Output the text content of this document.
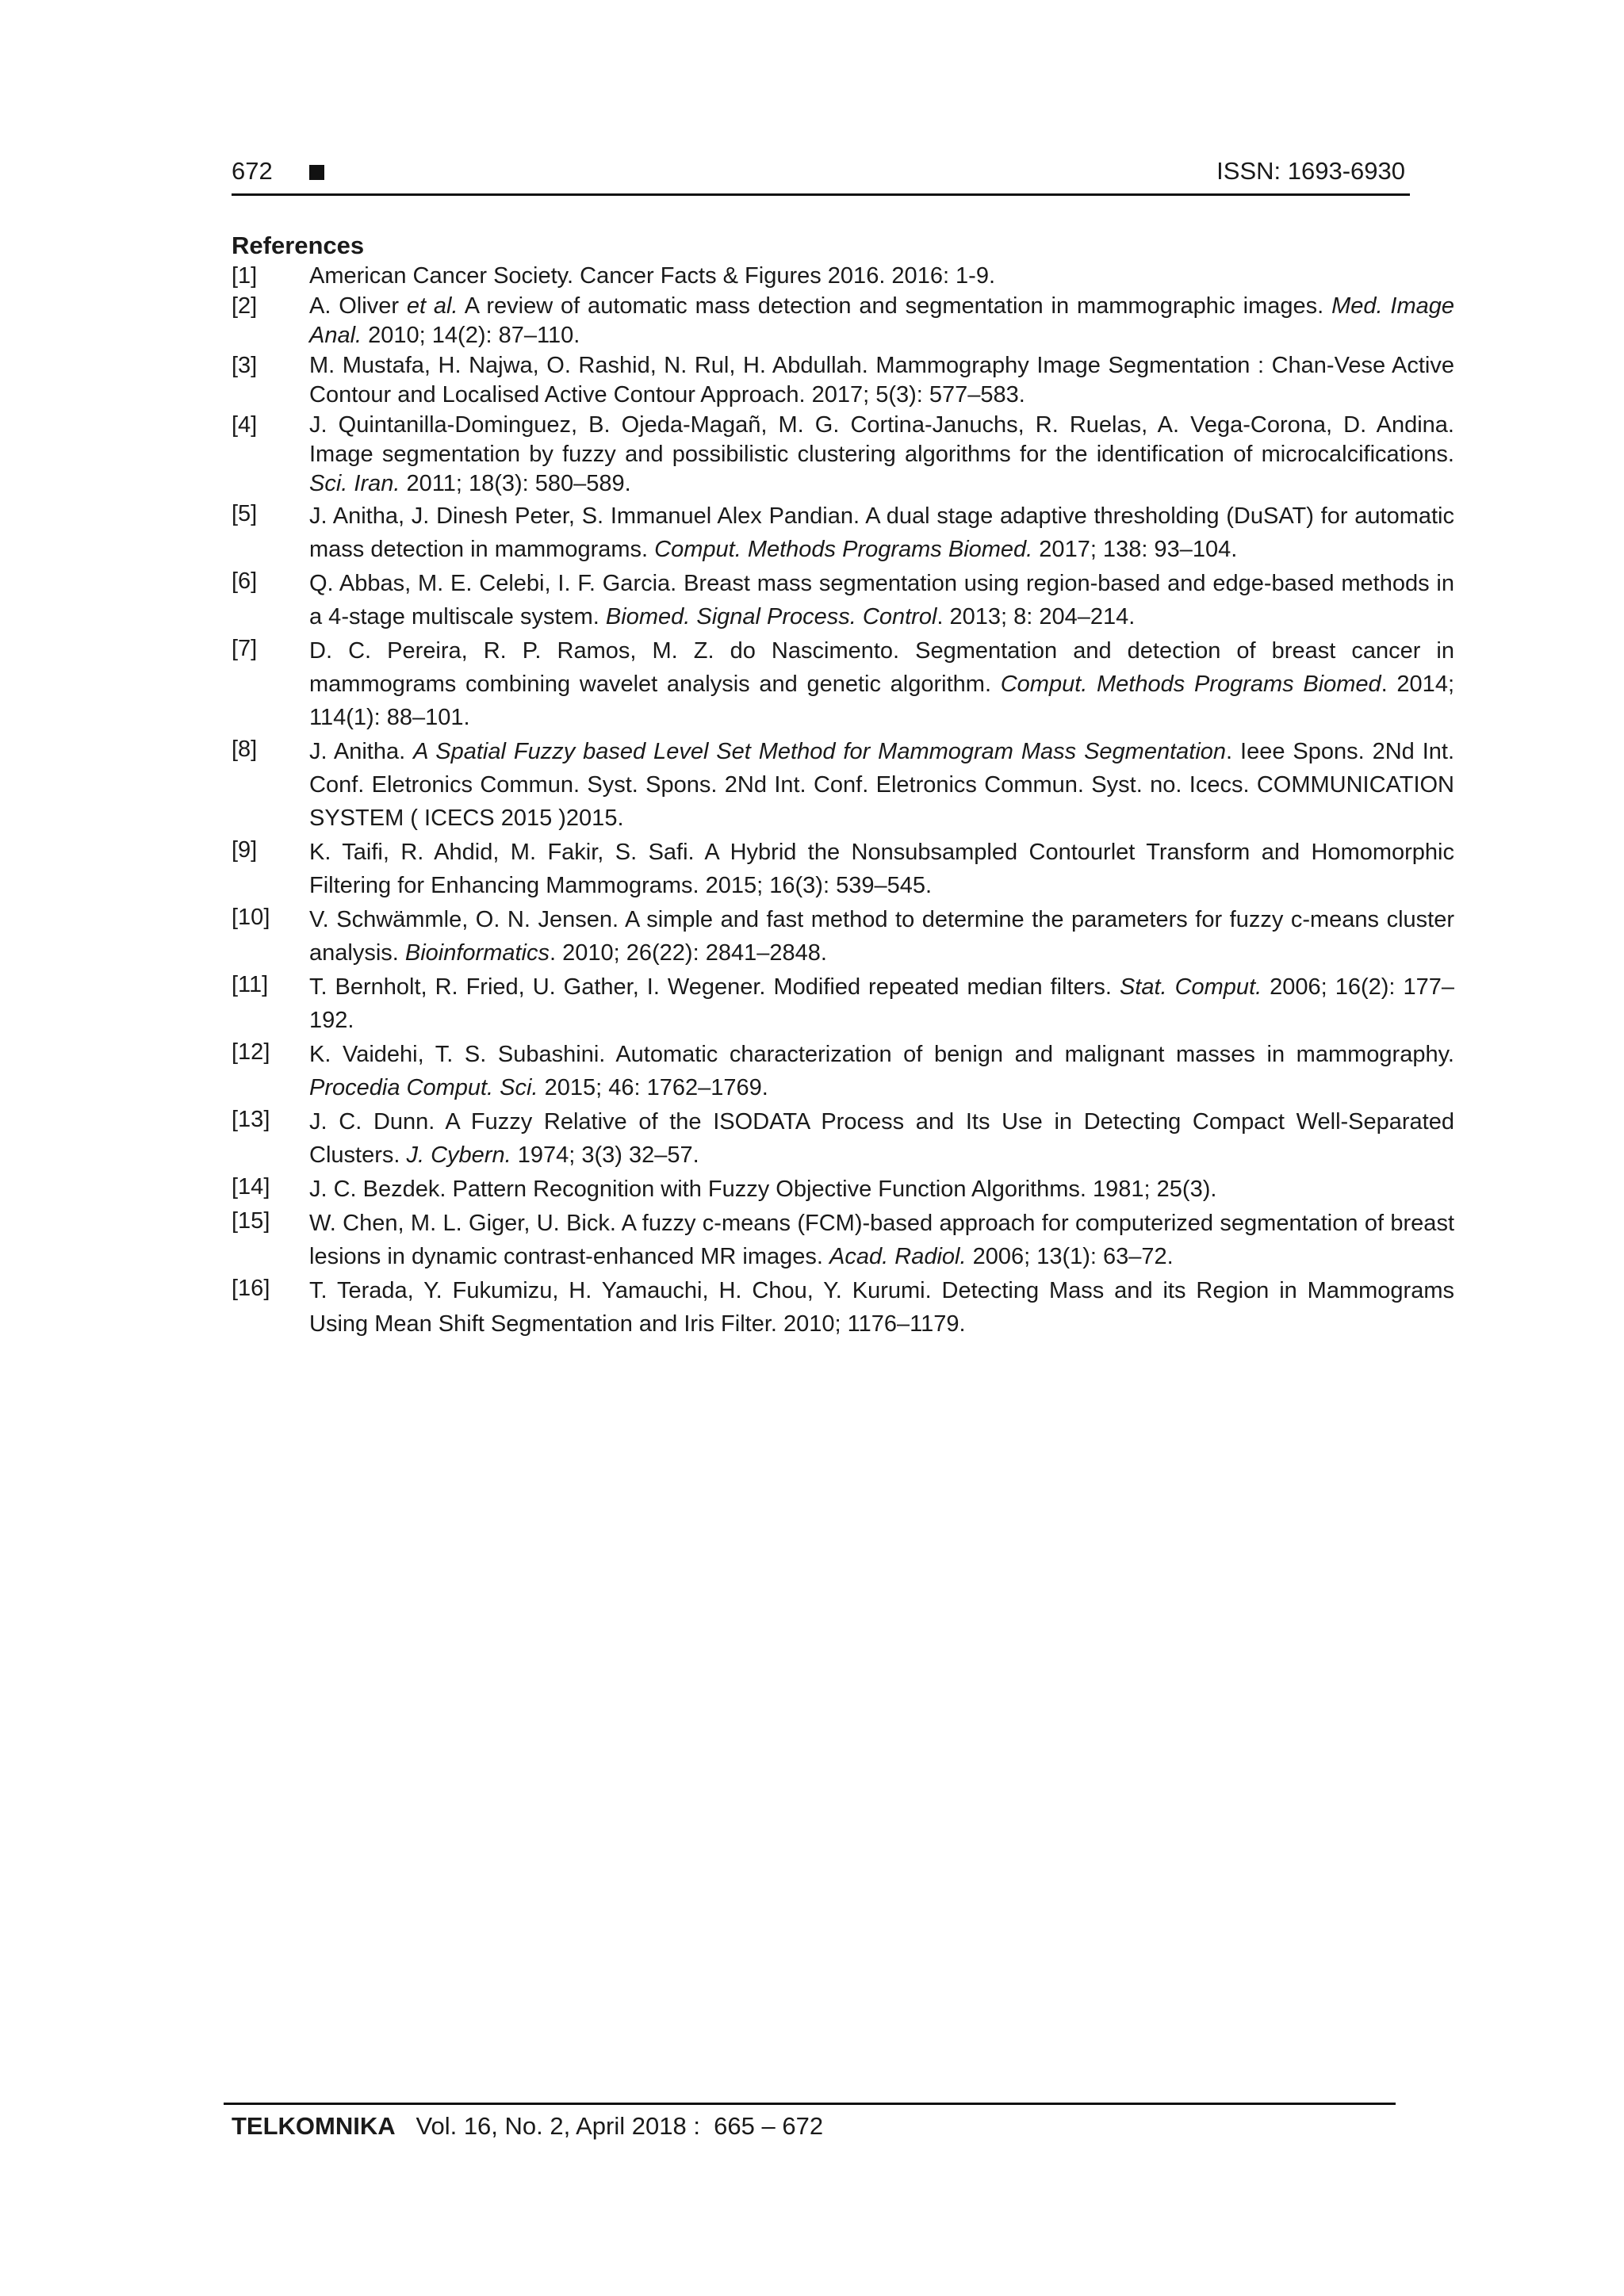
672	ISSN: 1693-6930
References
[1] American Cancer Society. Cancer Facts & Figures 2016. 2016: 1-9.
[2] A. Oliver et al. A review of automatic mass detection and segmentation in mammographic images. Med. Image Anal. 2010; 14(2): 87–110.
[3] M. Mustafa, H. Najwa, O. Rashid, N. Rul, H. Abdullah. Mammography Image Segmentation : Chan-Vese Active Contour and Localised Active Contour Approach. 2017; 5(3): 577–583.
[4] J. Quintanilla-Dominguez, B. Ojeda-Magañ, M. G. Cortina-Januchs, R. Ruelas, A. Vega-Corona, D. Andina. Image segmentation by fuzzy and possibilistic clustering algorithms for the identification of microcalcifications. Sci. Iran. 2011; 18(3): 580–589.
[5] J. Anitha, J. Dinesh Peter, S. Immanuel Alex Pandian. A dual stage adaptive thresholding (DuSAT) for automatic mass detection in mammograms. Comput. Methods Programs Biomed. 2017; 138: 93–104.
[6] Q. Abbas, M. E. Celebi, I. F. Garcia. Breast mass segmentation using region-based and edge-based methods in a 4-stage multiscale system. Biomed. Signal Process. Control. 2013; 8: 204–214.
[7] D. C. Pereira, R. P. Ramos, M. Z. do Nascimento. Segmentation and detection of breast cancer in mammograms combining wavelet analysis and genetic algorithm. Comput. Methods Programs Biomed. 2014; 114(1): 88–101.
[8] J. Anitha. A Spatial Fuzzy based Level Set Method for Mammogram Mass Segmentation. Ieee Spons. 2Nd Int. Conf. Eletronics Commun. Syst. Spons. 2Nd Int. Conf. Eletronics Commun. Syst. no. Icecs. COMMUNICATION SYSTEM ( ICECS 2015 )2015.
[9] K. Taifi, R. Ahdid, M. Fakir, S. Safi. A Hybrid the Nonsubsampled Contourlet Transform and Homomorphic Filtering for Enhancing Mammograms. 2015; 16(3): 539–545.
[10] V. Schwämmle, O. N. Jensen. A simple and fast method to determine the parameters for fuzzy c-means cluster analysis. Bioinformatics. 2010; 26(22): 2841–2848.
[11] T. Bernholt, R. Fried, U. Gather, I. Wegener. Modified repeated median filters. Stat. Comput. 2006; 16(2): 177–192.
[12] K. Vaidehi, T. S. Subashini. Automatic characterization of benign and malignant masses in mammography. Procedia Comput. Sci. 2015; 46: 1762–1769.
[13] J. C. Dunn. A Fuzzy Relative of the ISODATA Process and Its Use in Detecting Compact Well-Separated Clusters. J. Cybern. 1974; 3(3) 32–57.
[14] J. C. Bezdek. Pattern Recognition with Fuzzy Objective Function Algorithms. 1981; 25(3).
[15] W. Chen, M. L. Giger, U. Bick. A fuzzy c-means (FCM)-based approach for computerized segmentation of breast lesions in dynamic contrast-enhanced MR images. Acad. Radiol. 2006; 13(1): 63–72.
[16] T. Terada, Y. Fukumizu, H. Yamauchi, H. Chou, Y. Kurumi. Detecting Mass and its Region in Mammograms Using Mean Shift Segmentation and Iris Filter. 2010; 1176–1179.
TELKOMNIKA   Vol. 16, No. 2, April 2018 :  665 – 672
